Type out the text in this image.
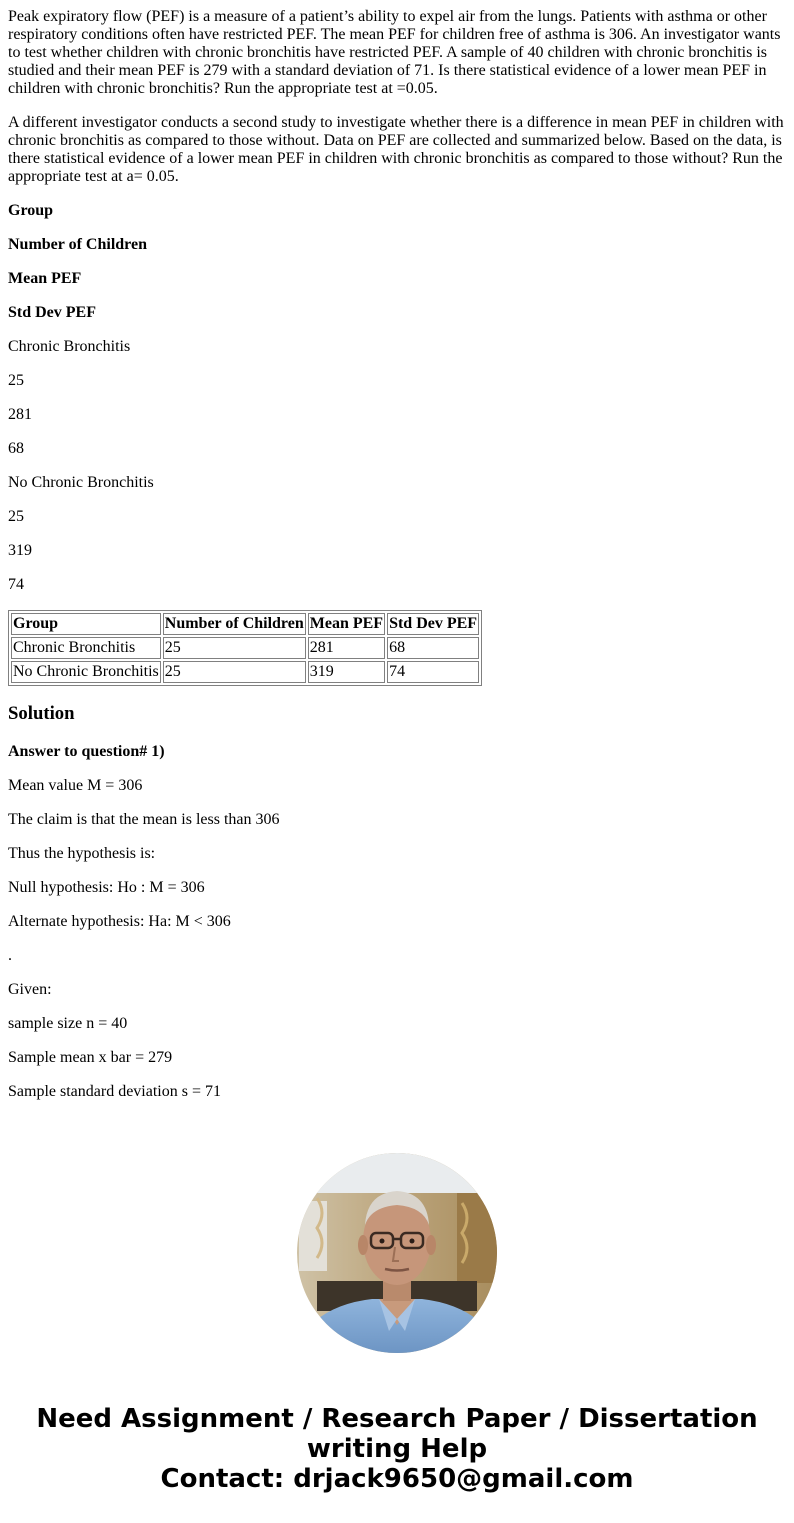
Peak expiratory flow (PEF) is a measure of a patient’s ability to expel air from the lungs. Patients with asthma or other respiratory conditions often have restricted PEF. The mean PEF for children free of asthma is 306. An investigator wants to test whether children with chronic bronchitis have restricted PEF. A sample of 40 children with chronic bronchitis is studied and their mean PEF is 279 with a standard deviation of 71. Is there statistical evidence of a lower mean PEF in children with chronic bronchitis? Run the appropriate test at =0.05.

A different investigator conducts a second study to investigate whether there is a difference in mean PEF in children with chronic bronchitis as compared to those without. Data on PEF are collected and summarized below. Based on the data, is there statistical evidence of a lower mean PEF in children with chronic bronchitis as compared to those without? Run the appropriate test at a= 0.05.

Group

Number of Children

Mean PEF

Std Dev PEF

Chronic Bronchitis

25

281

68

No Chronic Bronchitis

25

319

74

Group	Number of Children	Mean PEF	Std Dev PEF
Chronic Bronchitis	25	281	68
No Chronic Bronchitis	25	319	74
Solution

Answer to question# 1)

Mean value M = 306

The claim is that the mean is less than 306

Thus the hypothesis is:

Null hypothesis: Ho : M = 306

Alternate hypothesis: Ha: M < 306

.

Given:

sample size n = 40

Sample mean x bar = 279

Sample standard deviation s = 71

Need Assignment / Research Paper / Dissertation
writing Help
Contact: drjack9650@gmail.com
